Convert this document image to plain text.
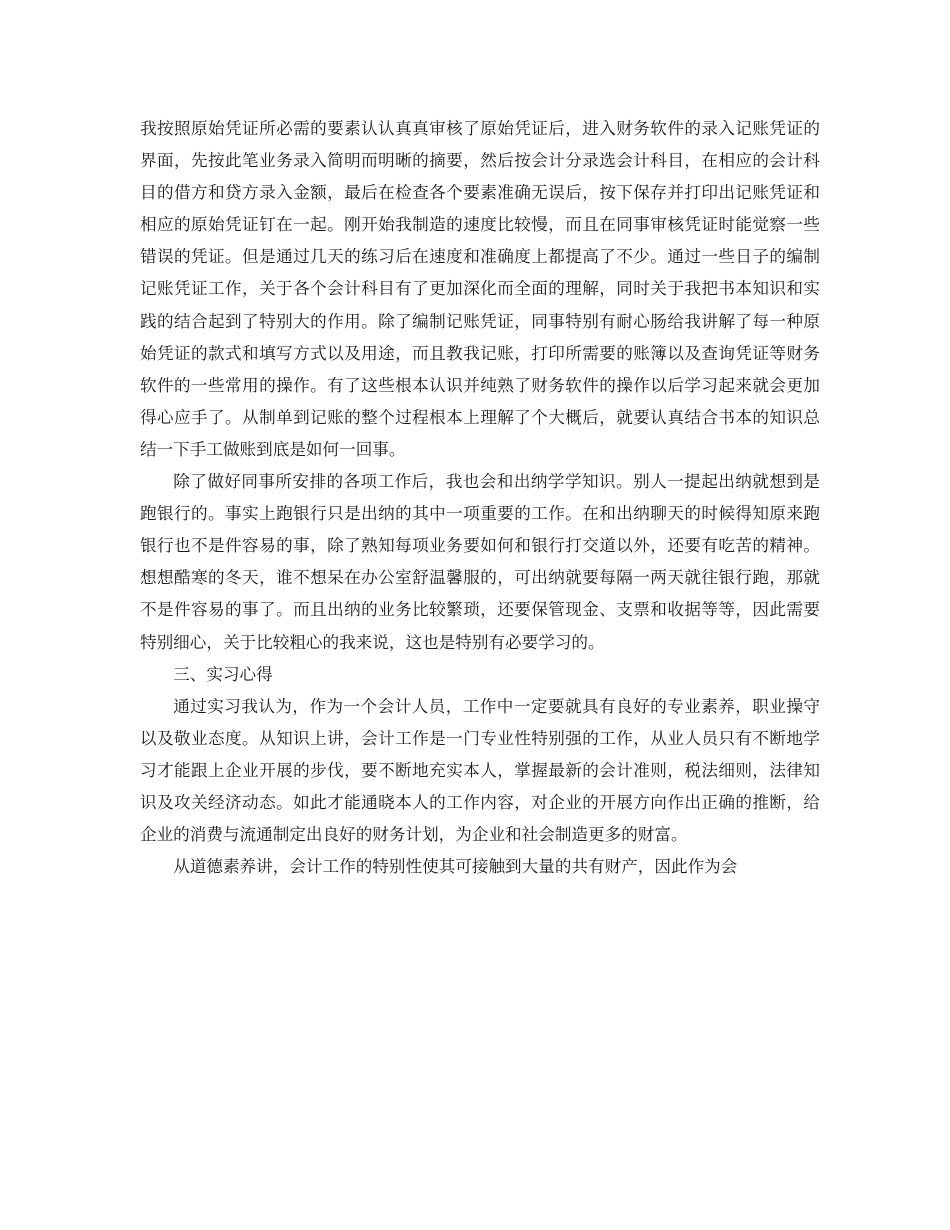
我按照原始凭证所必需的要素认认真真审核了原始凭证后，进入财务软件的录入记账凭证的界面，先按此笔业务录入简明而明晰的摘要，然后按会计分录选会计科目，在相应的会计科目的借方和贷方录入金额，最后在检查各个要素准确无误后，按下保存并打印出记账凭证和相应的原始凭证钉在一起。刚开始我制造的速度比较慢，而且在同事审核凭证时能觉察一些错误的凭证。但是通过几天的练习后在速度和准确度上都提高了不少。通过一些日子的编制记账凭证工作，关于各个会计科目有了更加深化而全面的理解，同时关于我把书本知识和实践的结合起到了特别大的作用。除了编制记账凭证，同事特别有耐心肠给我讲解了每一种原始凭证的款式和填写方式以及用途，而且教我记账，打印所需要的账簿以及查询凭证等财务软件的一些常用的操作。有了这些根本认识并纯熟了财务软件的操作以后学习起来就会更加得心应手了。从制单到记账的整个过程根本上理解了个大概后，就要认真结合书本的知识总结一下手工做账到底是如何一回事。

除了做好同事所安排的各项工作后，我也会和出纳学学知识。别人一提起出纳就想到是跑银行的。事实上跑银行只是出纳的其中一项重要的工作。在和出纳聊天的时候得知原来跑银行也不是件容易的事，除了熟知每项业务要如何和银行打交道以外，还要有吃苦的精神。想想酷寒的冬天，谁不想呆在办公室舒温馨服的，可出纳就要每隔一两天就往银行跑，那就不是件容易的事了。而且出纳的业务比较繁琐，还要保管现金、支票和收据等等，因此需要特别细心，关于比较粗心的我来说，这也是特别有必要学习的。

三、实习心得

通过实习我认为，作为一个会计人员，工作中一定要就具有良好的专业素养，职业操守以及敬业态度。从知识上讲，会计工作是一门专业性特别强的工作，从业人员只有不断地学习才能跟上企业开展的步伐，要不断地充实本人，掌握最新的会计准则，税法细则，法律知识及攻关经济动态。如此才能通晓本人的工作内容，对企业的开展方向作出正确的推断，给企业的消费与流通制定出良好的财务计划，为企业和社会制造更多的财富。

从道德素养讲，会计工作的特别性使其可接触到大量的共有财产，因此作为会
